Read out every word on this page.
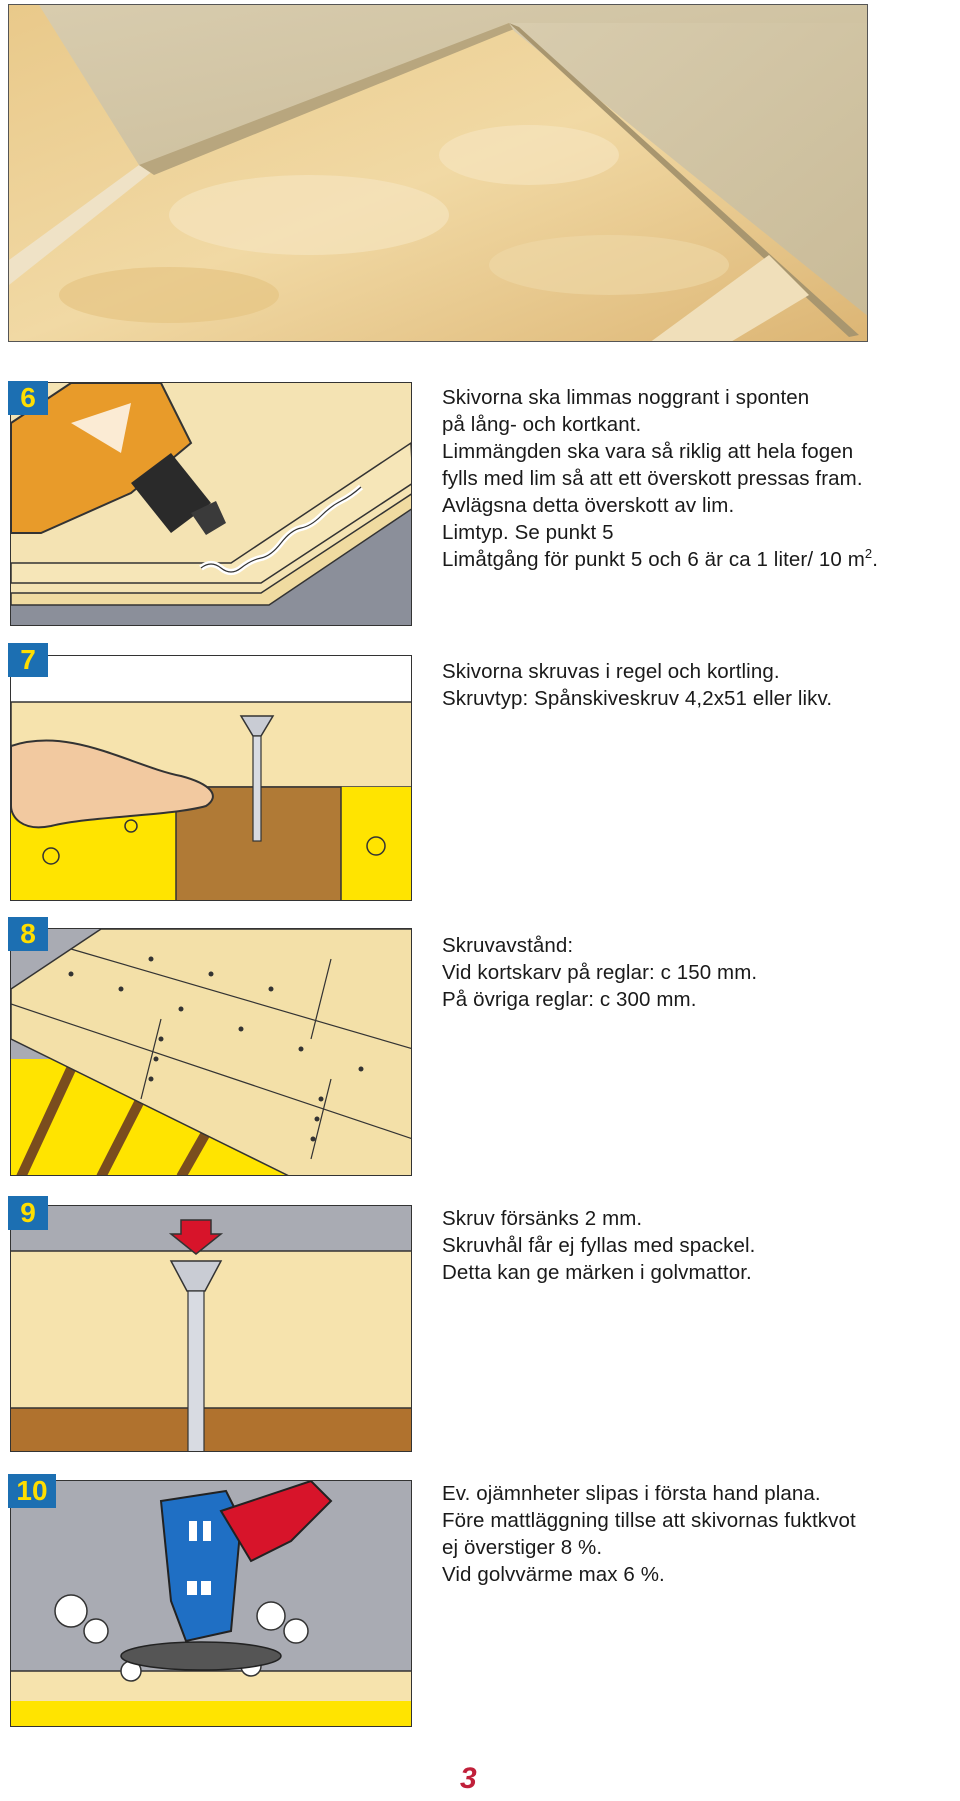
6	Skivorna ska limmas noggrant i sponten

på lång- och kortkant.

Limmängden ska vara så riklig att hela fogen

fylls med lim så att ett överskott pressas fram.

Avlägsna detta överskott av lim.

Limtyp. Se punkt 5

Limåtgång för punkt 5 och 6 är ca 1 liter/ 10 $m^2$.

7	Skivorna skruvas i regel och kortling.

Skruvtyp: Spånskiveskruv 4,2x51 eller likv.

8	Skruvavstånd:

Vid kortskarv på reglar: c 150 mm.

På övriga reglar: c 300 mm.

9	Skruv försänks 2 mm.

Skruvhål får ej fyllas med spackel.

Detta kan ge märken i golvmattor.

10	Ev. ojämnheter slipas i första hand plana.

Före mattläggning tillse att skivornas fuktkvot

ej överstiger 8 %.

Vid golvvärme max 6 %.

3
